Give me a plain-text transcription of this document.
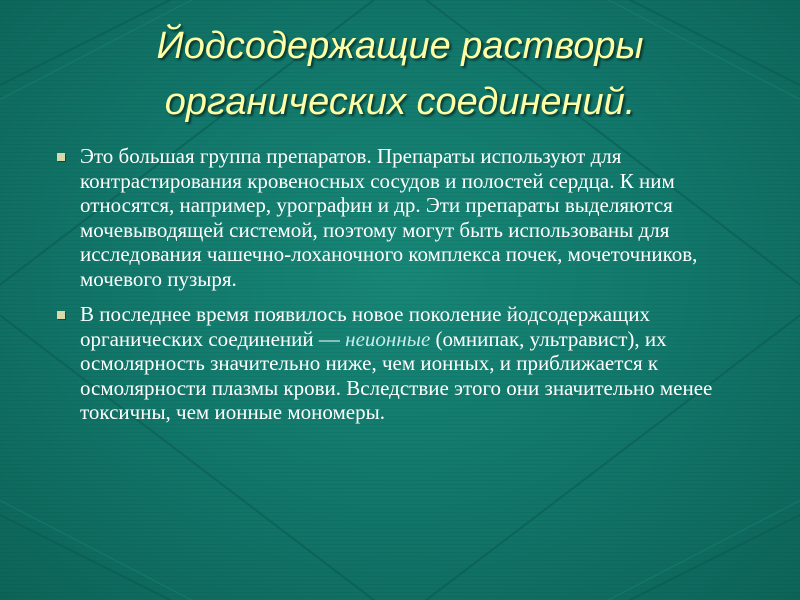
Йодсодержащие растворы
органических соединений.
Это большая группа препаратов. Препараты используют для контрастирования кровеносных сосудов и полостей сердца. К ним относятся, например, урографин и др. Эти препараты выделяются мочевыводящей системой, поэтому могут быть использованы для исследования чашечно-лоханочного комплекса почек, мочеточников, мочевого пузыря.
В последнее время появилось новое поколение йодсодержащих органических соединений — неионные (омнипак, ультравист), их осмолярность значительно ниже, чем ионных, и приближается к осмолярности плазмы крови. Вследствие этого они значительно менее токсичны, чем ионные мономеры.
